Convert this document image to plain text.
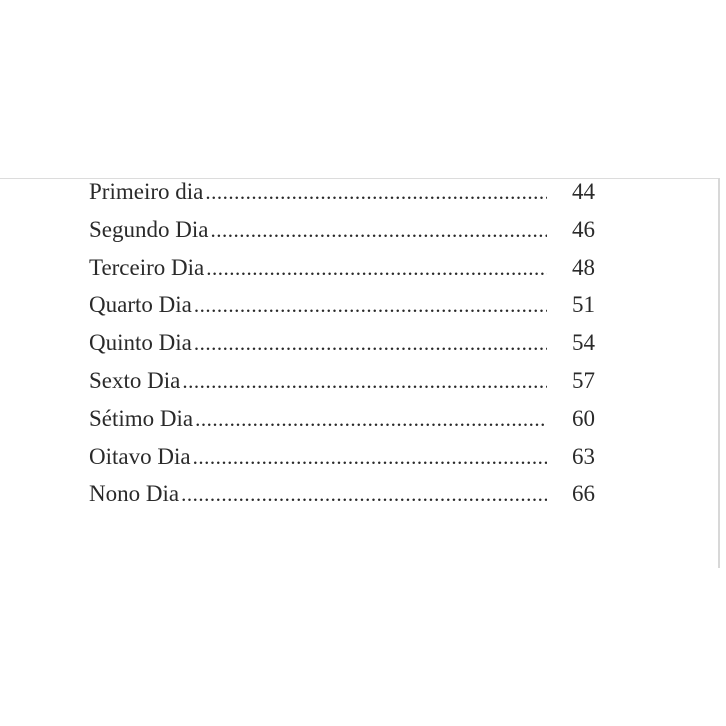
Primeiro dia .....	44
Segundo Dia .....	46
Terceiro Dia .....	48
Quarto Dia .....	51
Quinto Dia .....	54
Sexto Dia .....	57
Sétimo Dia .....	60
Oitavo Dia .....	63
Nono Dia .....	66
